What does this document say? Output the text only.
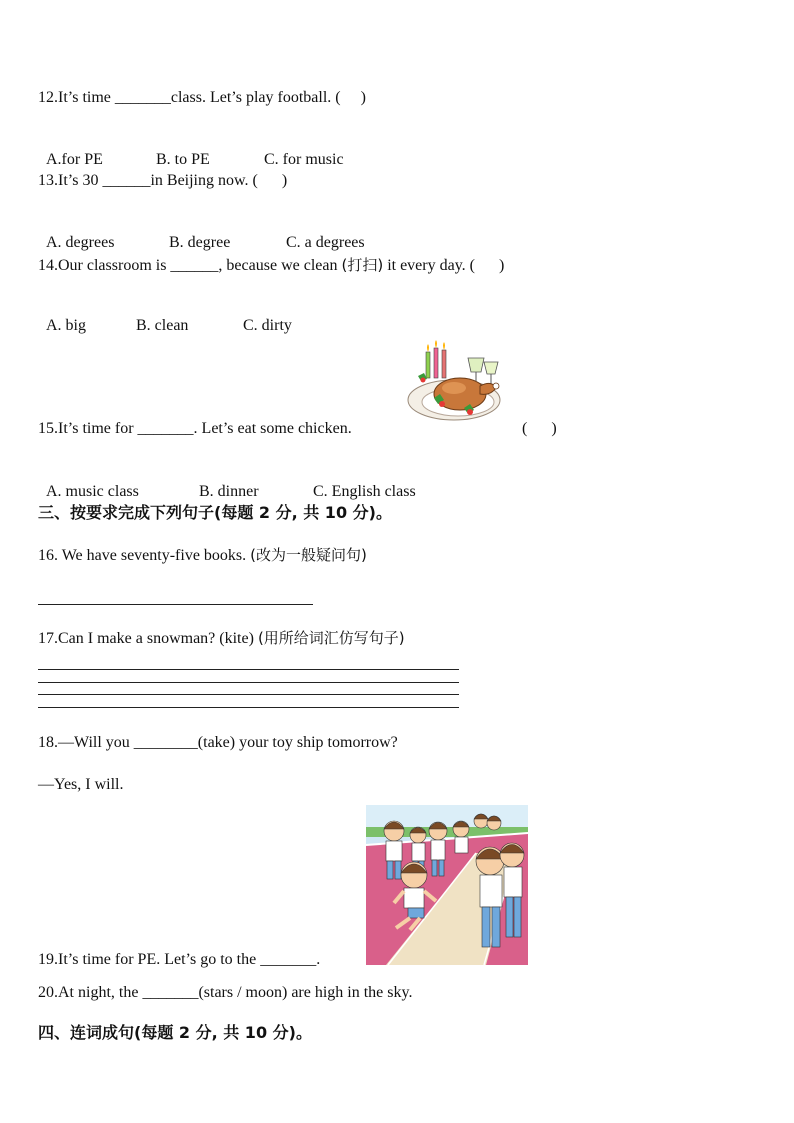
12.It’s time _______class. Let’s play football. (     )

A.for PE	B. to PE	C. for music

13.It’s 30 ______in Beijing now. (      )

A. degrees	B. degree	C. a degrees

14.Our classroom is ______, because we clean (打扫) it every day. (      )

A. big	B. clean	C. dirty

15.It’s time for _______. Let’s eat some chicken.	(      )

A. music class	B. dinner	C. English class

三、按要求完成下列句子(每题 2 分, 共 10 分)。
16. We have seventy-five books. (改为一般疑问句)
17.Can I make a snowman? (kite) (用所给词汇仿写句子)
18.—Will you ________(take) your toy ship tomorrow?
—Yes, I will.
19.It’s time for PE. Let’s go to the _______.
20.At night, the _______(stars / moon) are high in the sky.
四、连词成句(每题 2 分, 共 10 分)。
